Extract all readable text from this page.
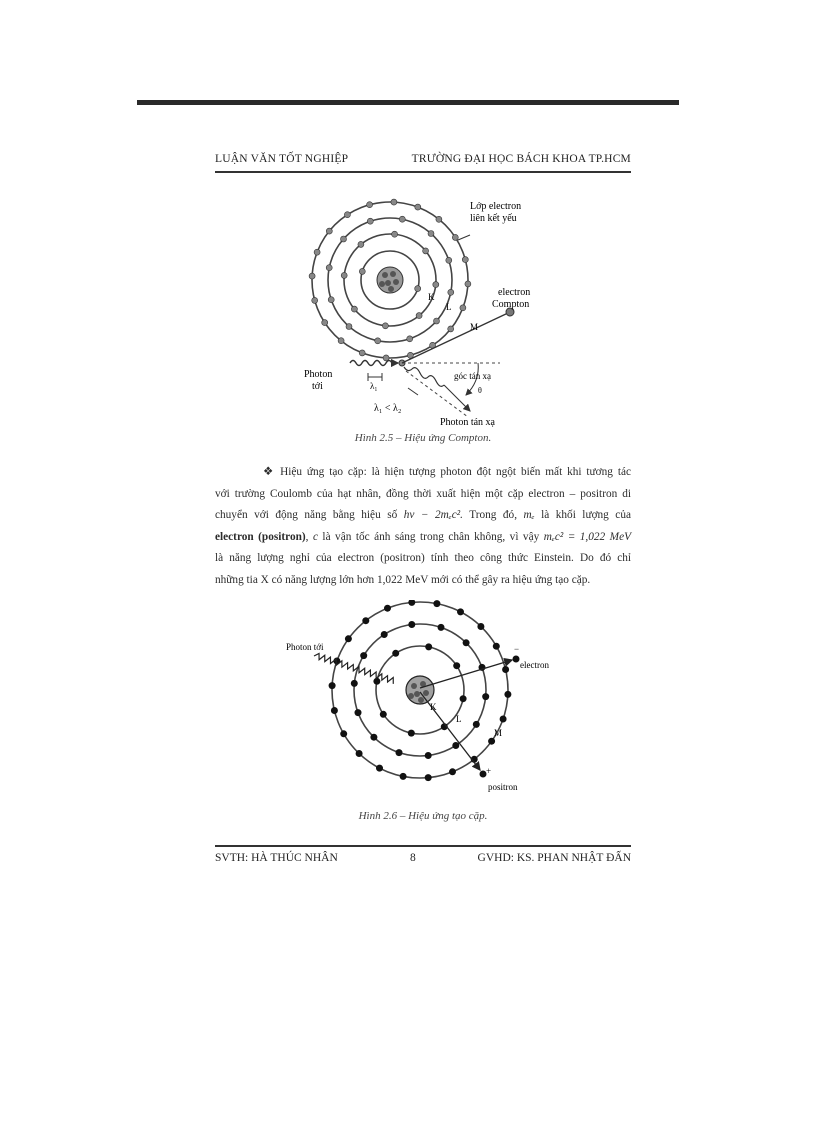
LUẬN VĂN TỐT NGHIỆP	TRƯỜNG ĐẠI HỌC BÁCH KHOA TP.HCM
Lớp electron
liên kết yếu
K
L
M
electron
Compton
Photon
tới	λ₁
góc tán xạ
θ
λ₁ < λ₂
Photon tán xạ
Hình 2.5 – Hiệu ứng Compton.
❖ Hiệu ứng tạo cặp: là hiện tượng photon đột ngột biến mất khi tương tác
với trường Coulomb của hạt nhân, đồng thời xuất hiện một cặp electron – positron di
chuyển với động năng bằng hiệu số hν − 2mₑc². Trong đó, mₑ là khối lượng của
electron (positron), c là vận tốc ánh sáng trong chân không, vì vậy mₑc² = 1,022 MeV
là năng lượng nghỉ của electron (positron) tính theo công thức Einstein. Do đó chỉ
những tia X có năng lượng lớn hơn 1,022 MeV mới có thể gây ra hiệu ứng tạo cặp.
Photon tới	−
electron
K
L
M
+
positron
Hình 2.6 – Hiệu ứng tạo cặp.
SVTH: HÀ THÚC NHÂN	8	GVHD: KS. PHAN NHẬT ĐẤN
